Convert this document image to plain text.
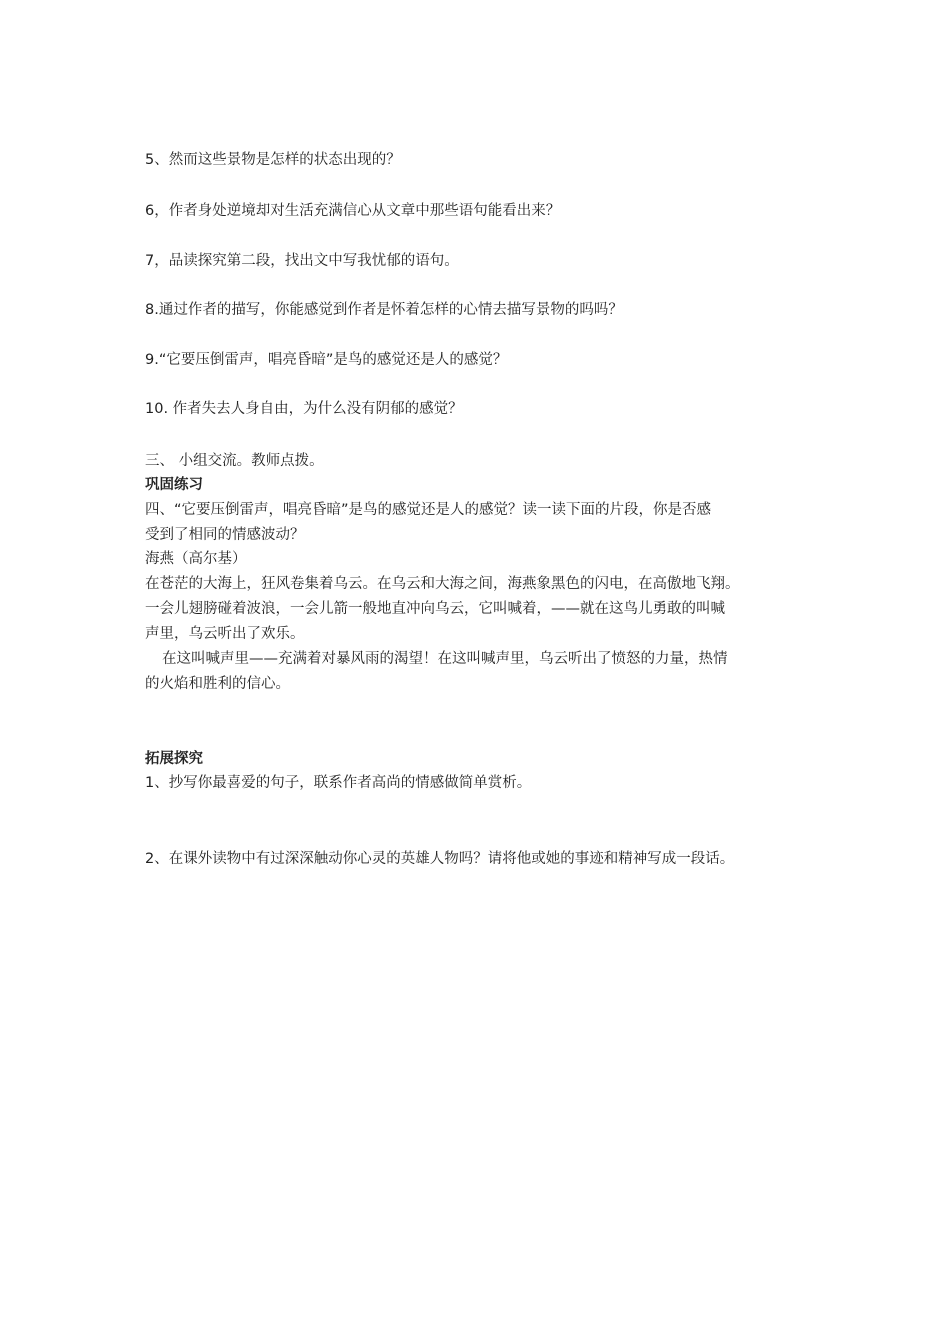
5、然而这些景物是怎样的状态出现的？

6，作者身处逆境却对生活充满信心从文章中那些语句能看出来？

7，品读探究第二段，找出文中写我忧郁的语句。

8.通过作者的描写，你能感觉到作者是怀着怎样的心情去描写景物的吗吗？

9.“它要压倒雷声，唱亮昏暗”是鸟的感觉还是人的感觉？

10. 作者失去人身自由，为什么没有阴郁的感觉？

三、 小组交流。教师点拨。

巩固练习

四、“它要压倒雷声，唱亮昏暗”是鸟的感觉还是人的感觉？读一读下面的片段，你是否感

受到了相同的情感波动？

海燕（高尔基）

在苍茫的大海上，狂风卷集着乌云。在乌云和大海之间，海燕象黑色的闪电，在高傲地飞翔。

一会儿翅膀碰着波浪，一会儿箭一般地直冲向乌云，它叫喊着，——就在这鸟儿勇敢的叫喊

声里，乌云听出了欢乐。

在这叫喊声里——充满着对暴风雨的渴望！在这叫喊声里，乌云听出了愤怒的力量，热情

的火焰和胜利的信心。

拓展探究

1、抄写你最喜爱的句子，联系作者高尚的情感做简单赏析。

2、在课外读物中有过深深触动你心灵的英雄人物吗？请将他或她的事迹和精神写成一段话。
